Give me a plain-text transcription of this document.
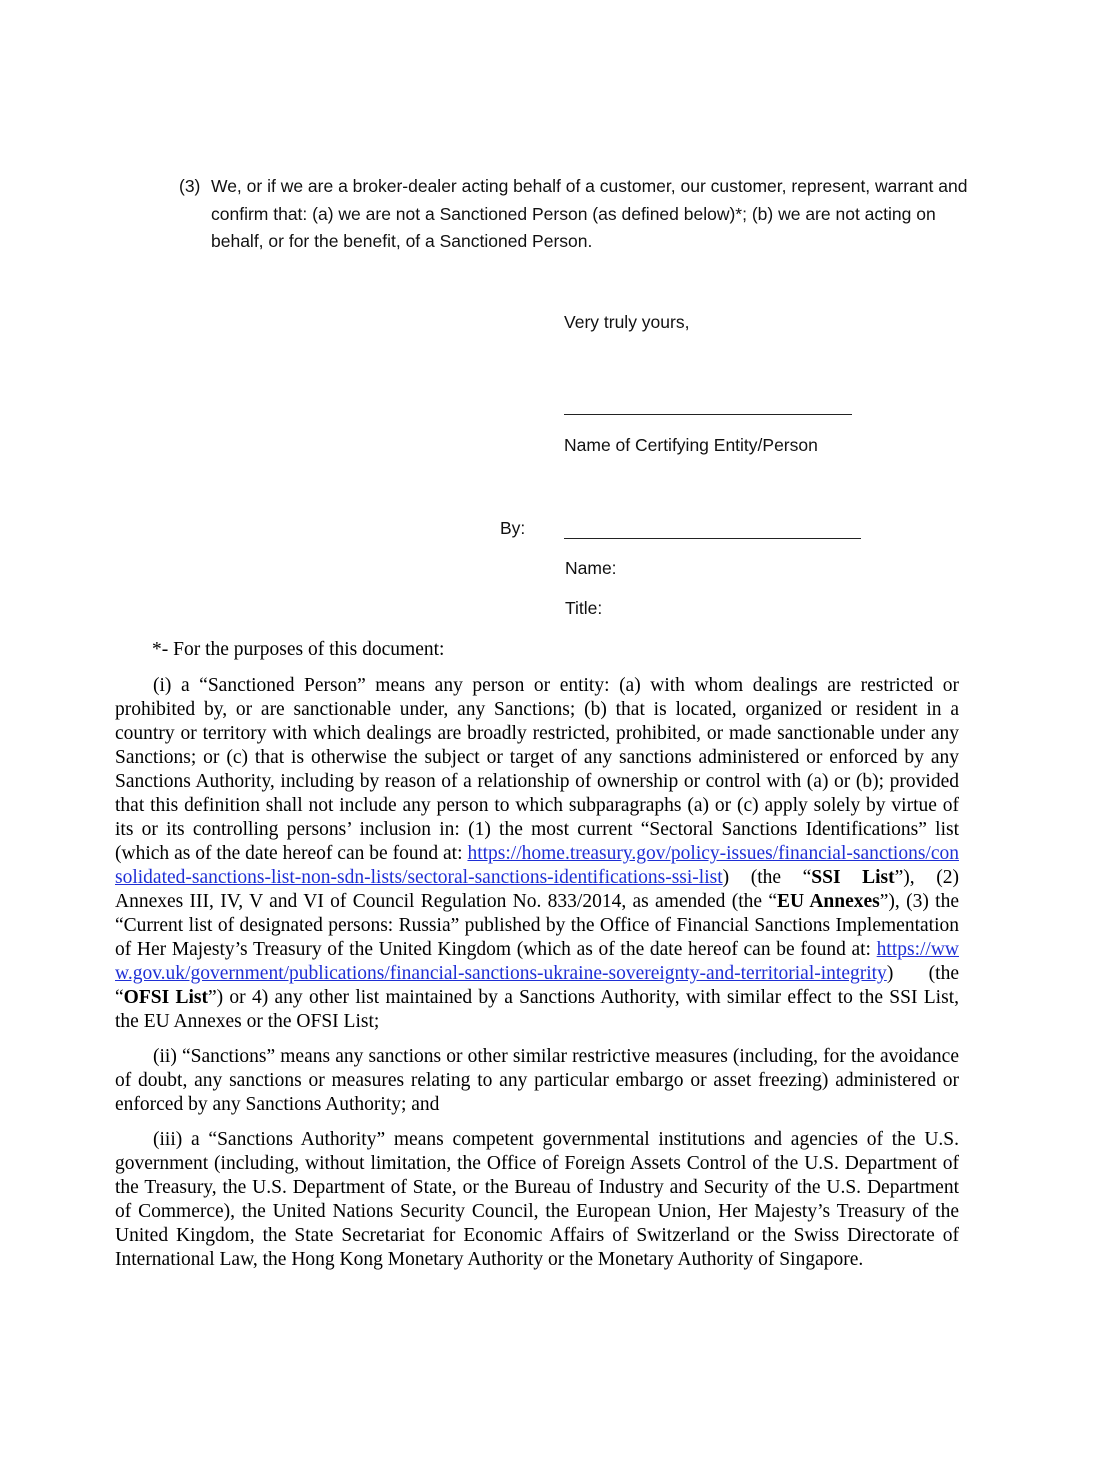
(3) We, or if we are a broker-dealer acting behalf of a customer, our customer, represent, warrant and confirm that: (a) we are not a Sanctioned Person (as defined below)*; (b) we are not acting on behalf, or for the benefit, of a Sanctioned Person.
Very truly yours,
Name of Certifying Entity/Person
By:
Name:
Title:
*- For the purposes of this document:
(i) a “Sanctioned Person” means any person or entity: (a) with whom dealings are restricted or prohibited by, or are sanctionable under, any Sanctions; (b) that is located, organized or resident in a country or territory with which dealings are broadly restricted, prohibited, or made sanctionable under any Sanctions; or (c) that is otherwise the subject or target of any sanctions administered or enforced by any Sanctions Authority, including by reason of a relationship of ownership or control with (a) or (b); provided that this definition shall not include any person to which subparagraphs (a) or (c) apply solely by virtue of its or its controlling persons’ inclusion in: (1) the most current “Sectoral Sanctions Identifications” list (which as of the date hereof can be found at: https://home.treasury.gov/policy-issues/financial-sanctions/consolidated-sanctions-list-non-sdn-lists/sectoral-sanctions-identifications-ssi-list) (the “SSI List”), (2) Annexes III, IV, V and VI of Council Regulation No. 833/2014, as amended (the “EU Annexes”), (3) the “Current list of designated persons: Russia” published by the Office of Financial Sanctions Implementation of Her Majesty’s Treasury of the United Kingdom (which as of the date hereof can be found at: https://www.gov.uk/government/publications/financial-sanctions-ukraine-sovereignty-and-territorial-integrity) (the “OFSI List”) or 4) any other list maintained by a Sanctions Authority, with similar effect to the SSI List, the EU Annexes or the OFSI List;
(ii) “Sanctions” means any sanctions or other similar restrictive measures (including, for the avoidance of doubt, any sanctions or measures relating to any particular embargo or asset freezing) administered or enforced by any Sanctions Authority; and
(iii) a “Sanctions Authority” means competent governmental institutions and agencies of the U.S. government (including, without limitation, the Office of Foreign Assets Control of the U.S. Department of the Treasury, the U.S. Department of State, or the Bureau of Industry and Security of the U.S. Department of Commerce), the United Nations Security Council, the European Union, Her Majesty’s Treasury of the United Kingdom, the State Secretariat for Economic Affairs of Switzerland or the Swiss Directorate of International Law, the Hong Kong Monetary Authority or the Monetary Authority of Singapore.
